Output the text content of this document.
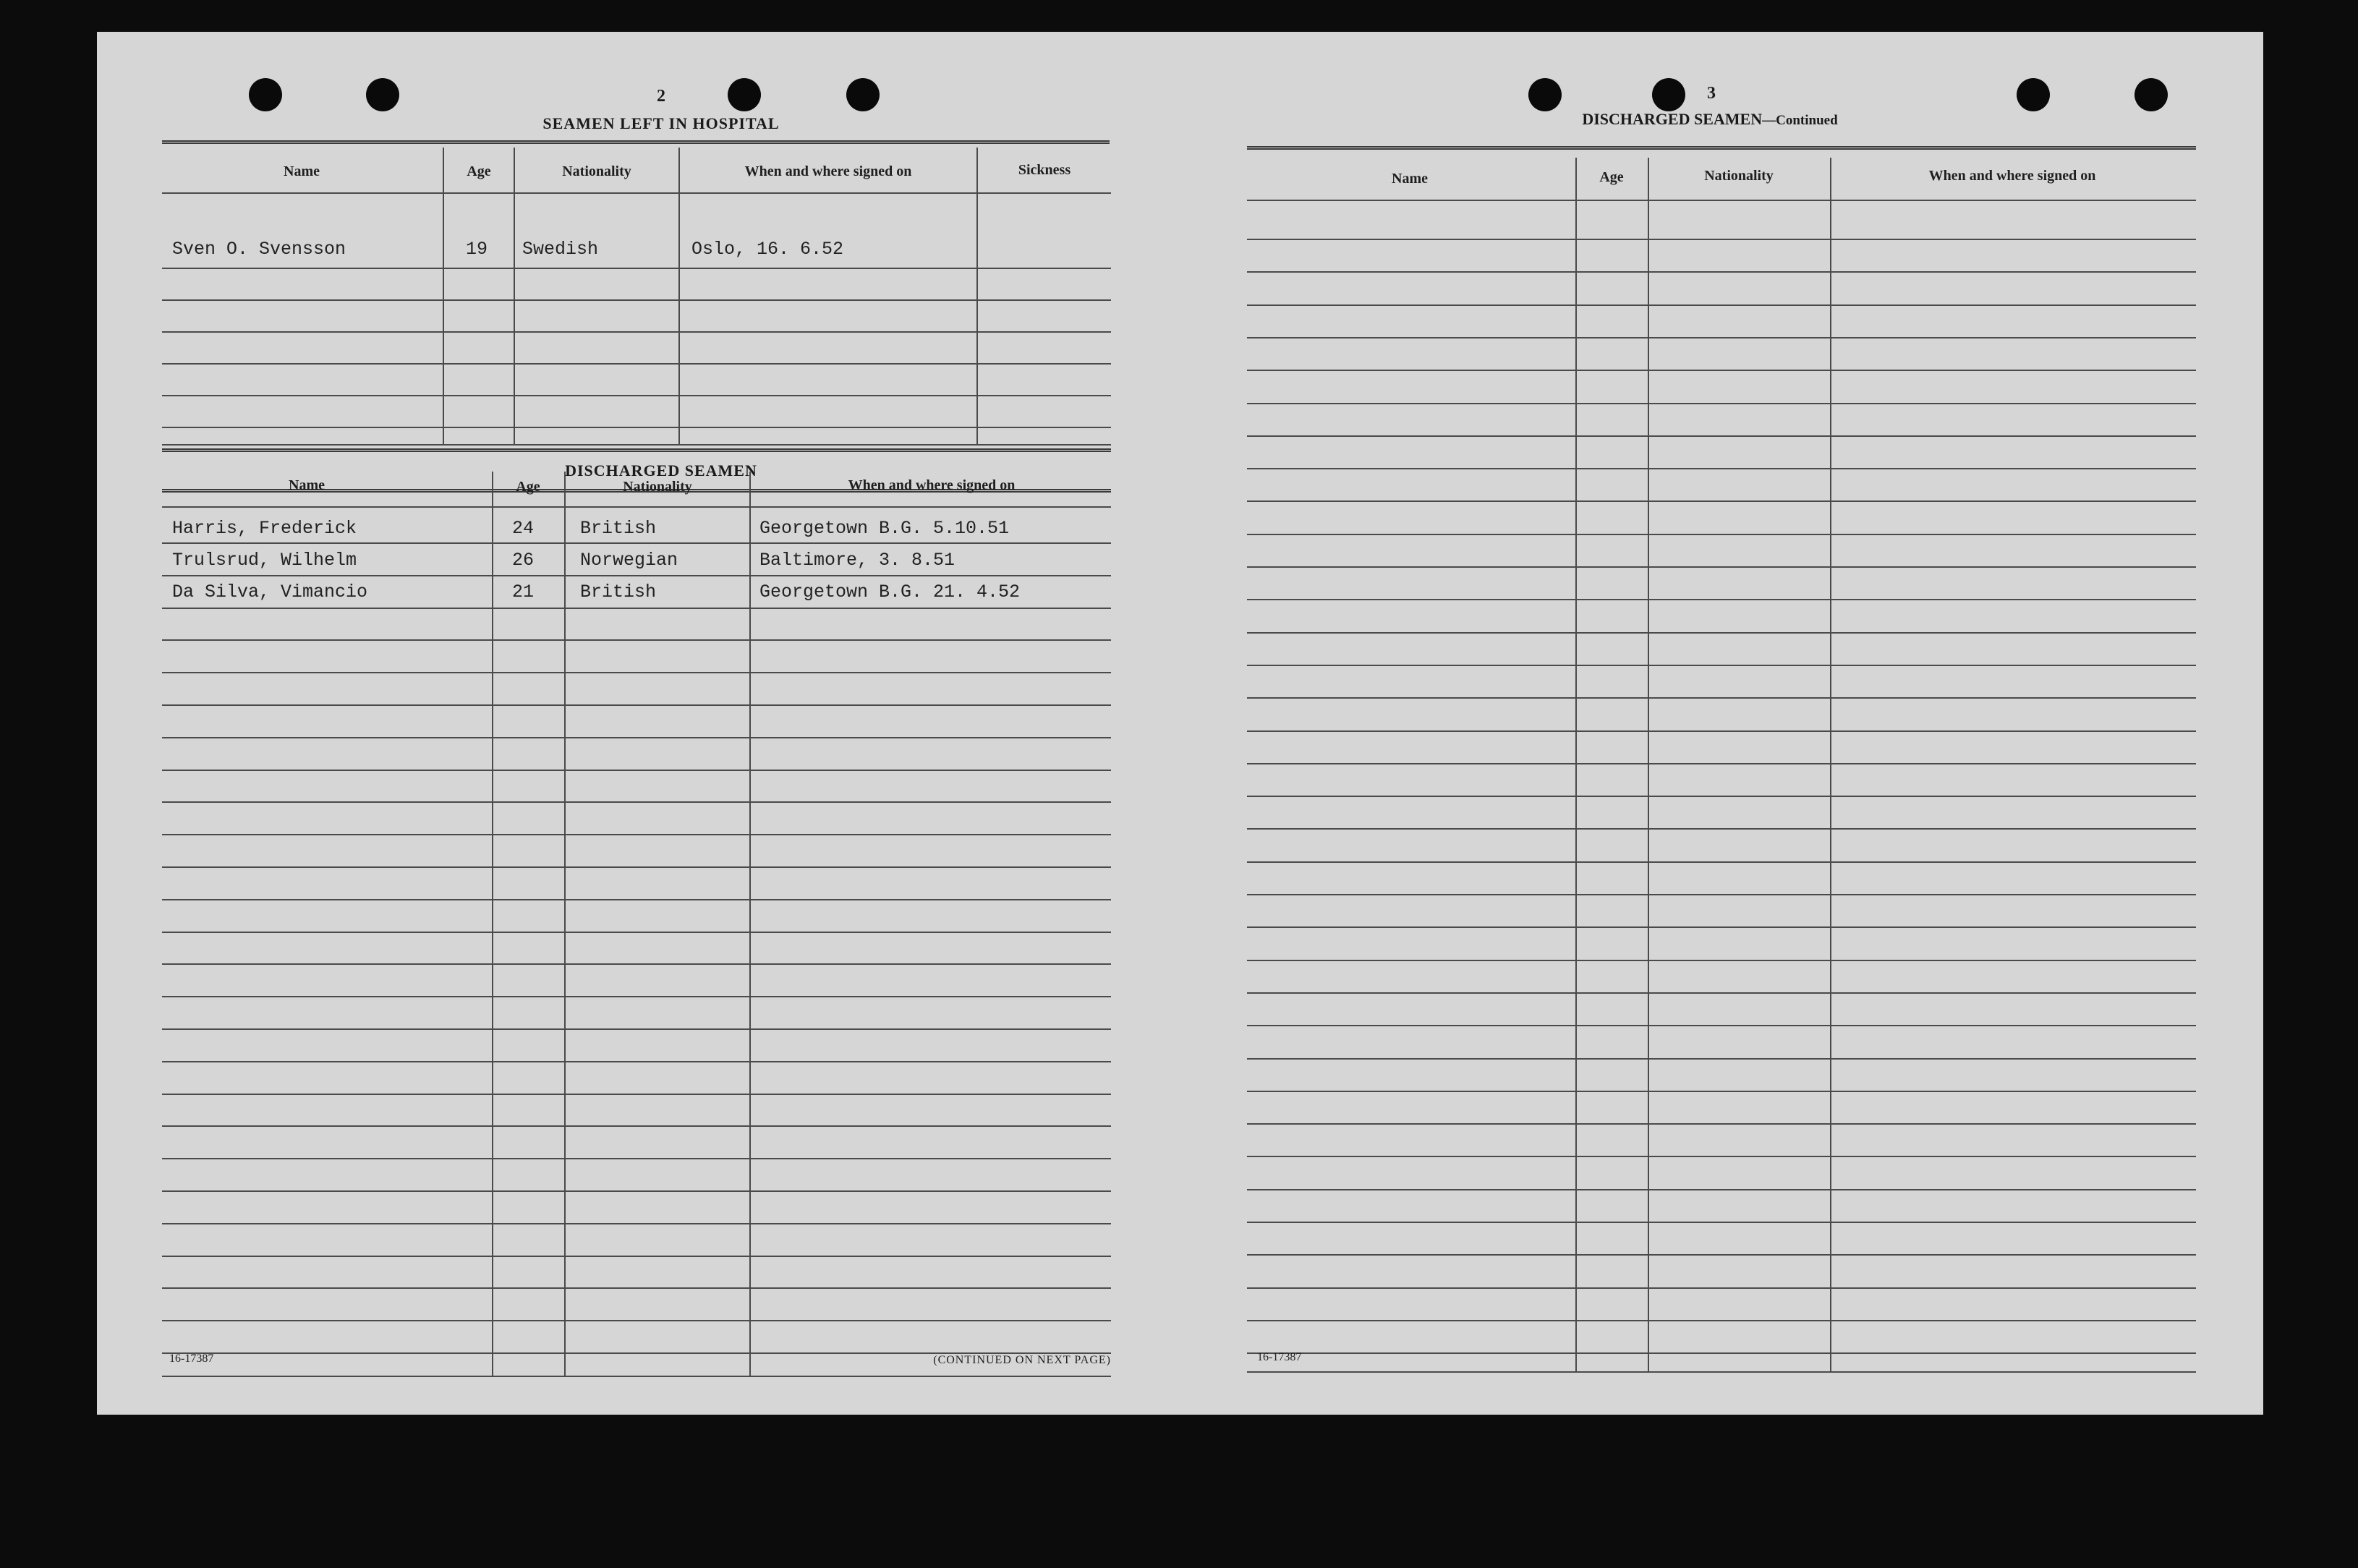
2
SEAMEN LEFT IN HOSPITAL
Name	Age	Nationality	When and where signed on	Sickness
Sven O. Svensson	19 Swedish	Oslo, 16. 6.52
DISCHARGED SEAMEN
Name	Age	Nationality	When and where signed on
Harris, Frederick	24	British	Georgetown B.G. 5.10.51
Trulsrud, Wilhelm	26	Norwegian	Baltimore, 3. 8.51
Da Silva, Vimancio	21	British	Georgetown B.G. 21. 4.52
16-17387	(CONTINUED ON NEXT PAGE)
3
DISCHARGED SEAMEN—Continued
Name	Age	Nationality	When and where signed on
16-17387
